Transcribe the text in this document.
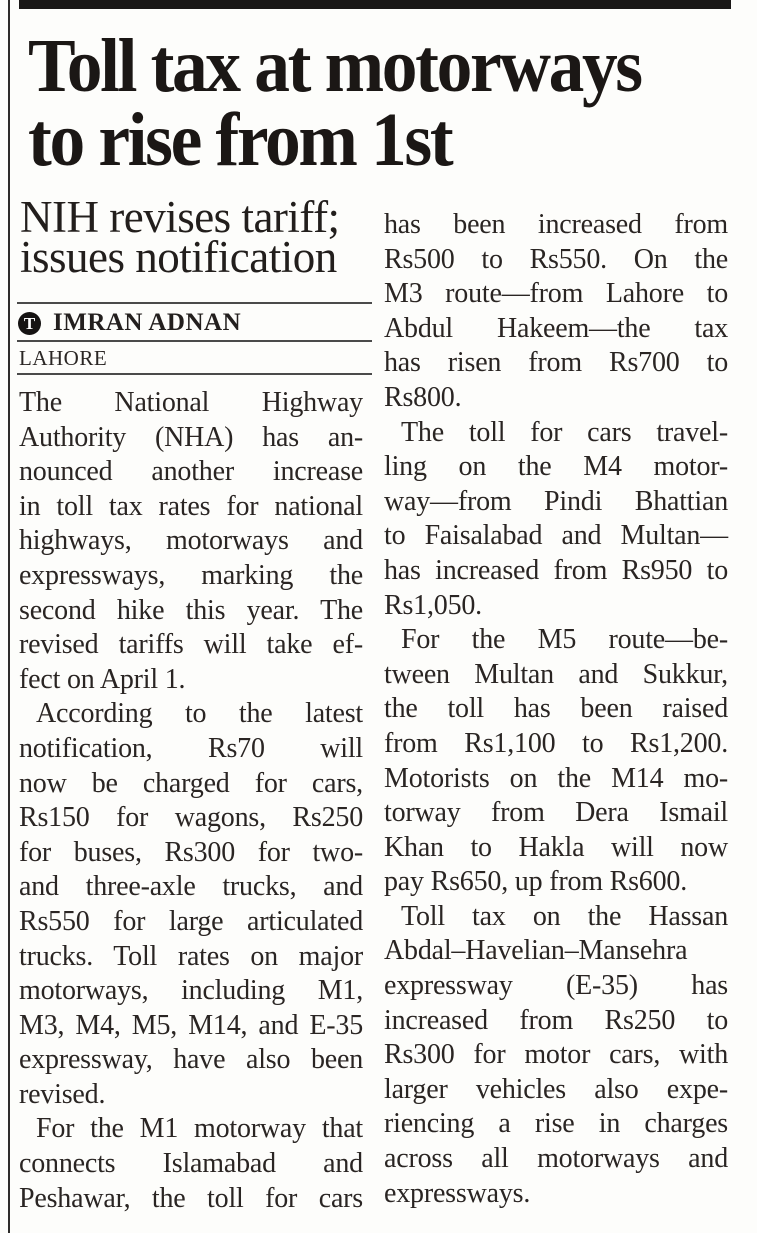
Toll tax at motorways
to rise from 1st
NIH revises tariff;
issues notification
T IMRAN ADNAN
LAHORE
The National Highway
Authority (NHA) has an-
nounced another increase
in toll tax rates for national
highways, motorways and
expressways, marking the
second hike this year. The
revised tariffs will take ef-
fect on April 1.
According to the latest
notification, Rs70 will
now be charged for cars,
Rs150 for wagons, Rs250
for buses, Rs300 for two-
and three-axle trucks, and
Rs550 for large articulated
trucks. Toll rates on major
motorways, including M1,
M3, M4, M5, M14, and E-35
expressway, have also been
revised.
For the M1 motorway that
connects Islamabad and
Peshawar, the toll for cars
has been increased from
Rs500 to Rs550. On the
M3 route—from Lahore to
Abdul Hakeem—the tax
has risen from Rs700 to
Rs800.
The toll for cars travel-
ling on the M4 motor-
way—from Pindi Bhattian
to Faisalabad and Multan—
has increased from Rs950 to
Rs1,050.
For the M5 route—be-
tween Multan and Sukkur,
the toll has been raised
from Rs1,100 to Rs1,200.
Motorists on the M14 mo-
torway from Dera Ismail
Khan to Hakla will now
pay Rs650, up from Rs600.
Toll tax on the Hassan
Abdal–Havelian–Mansehra
expressway (E-35) has
increased from Rs250 to
Rs300 for motor cars, with
larger vehicles also expe-
riencing a rise in charges
across all motorways and
expressways.
